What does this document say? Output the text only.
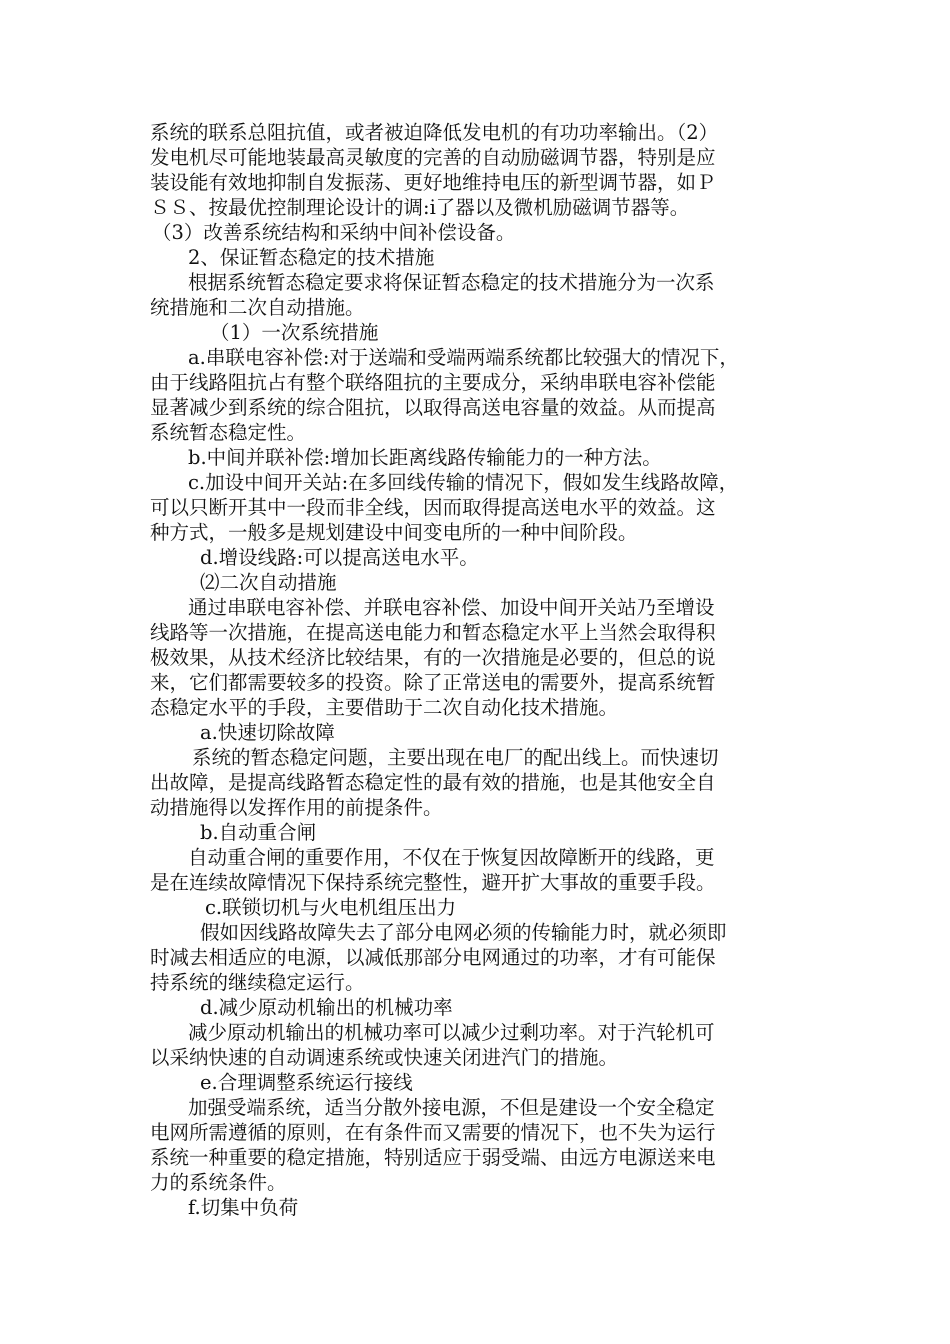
系统的联系总阻抗值，或者被迫降低发电机的有功功率输出。（2）
发电机尽可能地装最高灵敏度的完善的自动励磁调节器，特别是应
装设能有效地抑制自发振荡、更好地维持电压的新型调节器，如Ｐ
ＳＳ、按最优控制理论设计的调:i了器以及微机励磁调节器等。
（3）改善系统结构和采纳中间补偿设备。
2、保证暂态稳定的技术措施
根据系统暂态稳定要求将保证暂态稳定的技术措施分为一次系
统措施和二次自动措施。
（1）一次系统措施
a.串联电容补偿:对于送端和受端两端系统都比较强大的情况下，
由于线路阻抗占有整个联络阻抗的主要成分，采纳串联电容补偿能
显著减少到系统的综合阻抗，以取得高送电容量的效益。从而提高
系统暂态稳定性。
b.中间并联补偿:增加长距离线路传输能力的一种方法。
c.加设中间开关站:在多回线传输的情况下，假如发生线路故障，
可以只断开其中一段而非全线，因而取得提高送电水平的效益。这
种方式，一般多是规划建设中间变电所的一种中间阶段。
d.增设线路:可以提高送电水平。
⑵二次自动措施
通过串联电容补偿、并联电容补偿、加设中间开关站乃至增设
线路等一次措施，在提高送电能力和暂态稳定水平上当然会取得积
极效果，从技术经济比较结果，有的一次措施是必要的，但总的说
来，它们都需要较多的投资。除了正常送电的需要外，提高系统暂
态稳定水平的手段，主要借助于二次自动化技术措施。
a.快速切除故障
系统的暂态稳定问题，主要出现在电厂的配出线上。而快速切
出故障，是提高线路暂态稳定性的最有效的措施，也是其他安全自
动措施得以发挥作用的前提条件。
b.自动重合闸
自动重合闸的重要作用，不仅在于恢复因故障断开的线路，更
是在连续故障情况下保持系统完整性，避开扩大事故的重要手段。
c.联锁切机与火电机组压出力
假如因线路故障失去了部分电网必须的传输能力时，就必须即
时减去相适应的电源，以减低那部分电网通过的功率，才有可能保
持系统的继续稳定运行。
d.减少原动机输出的机械功率
减少原动机输出的机械功率可以减少过剩功率。对于汽轮机可
以采纳快速的自动调速系统或快速关闭进汽门的措施。
e.合理调整系统运行接线
加强受端系统，适当分散外接电源，不但是建设一个安全稳定
电网所需遵循的原则，在有条件而又需要的情况下，也不失为运行
系统一种重要的稳定措施，特别适应于弱受端、由远方电源送来电
力的系统条件。
f.切集中负荷
